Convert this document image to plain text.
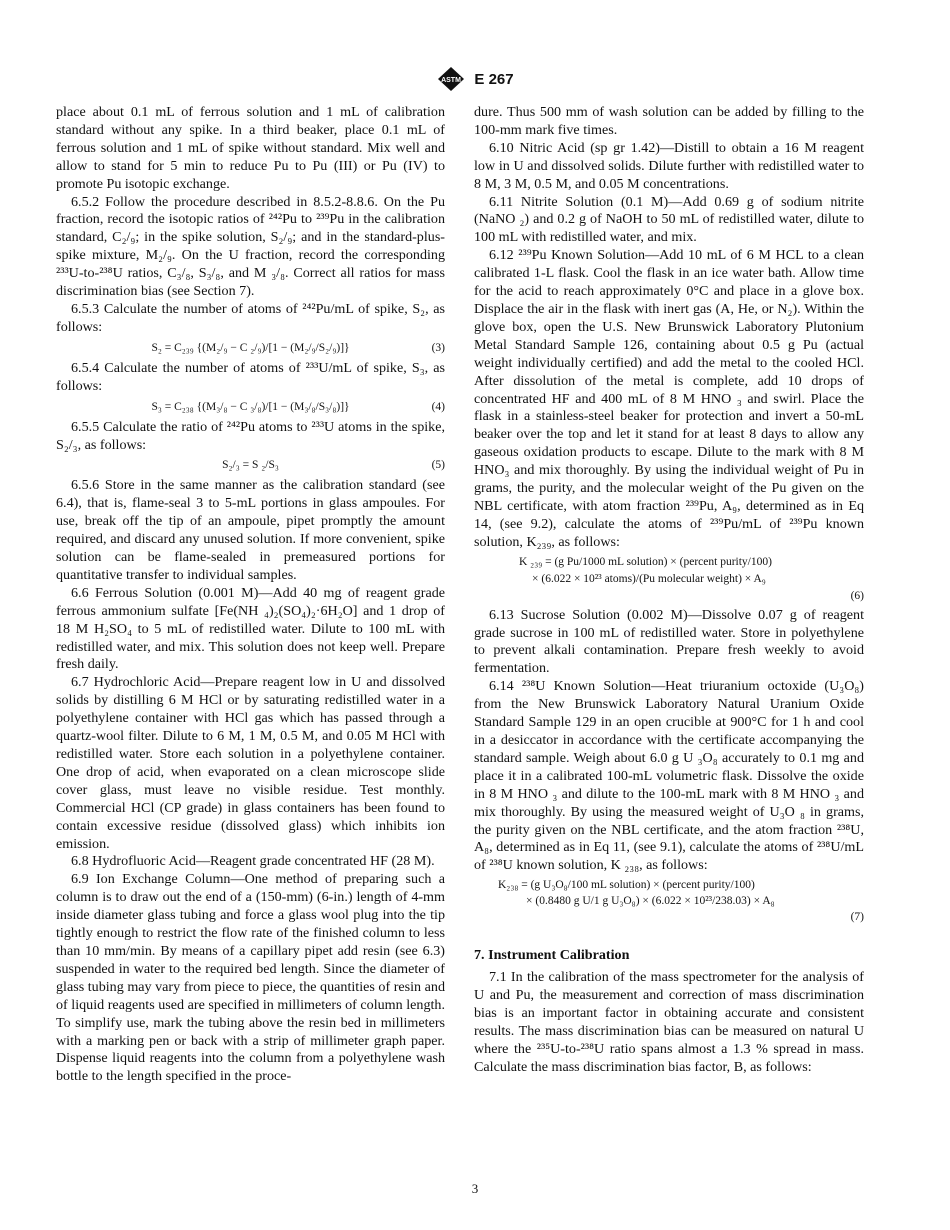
ASTM E 267

place about 0.1 mL of ferrous solution and 1 mL of calibration standard without any spike. In a third beaker, place 0.1 mL of ferrous solution and 1 mL of spike without standard. Mix well and allow to stand for 5 min to reduce Pu to Pu (III) or Pu (IV) to promote Pu isotopic exchange.

6.5.2 Follow the procedure described in 8.5.2-8.8.6. On the Pu fraction, record the isotopic ratios of ²⁴²Pu to ²³⁹Pu in the calibration standard, C₂/₉; in the spike solution, S₂/₉; and in the standard-plus-spike mixture, M₂/₉. On the U fraction, record the corresponding ²³³U-to-²³⁸U ratios, C₃/₈, S₃/₈, and M ₃/₈. Correct all ratios for mass discrimination bias (see Section 7).

6.5.3 Calculate the number of atoms of ²⁴²Pu/mL of spike, S₂, as follows:

S₂ = C₂₃₉ {(M₂/₉ − C ₂/₉)/[1 − (M₂/₉/S₂/₉)]}	(3)

6.5.4 Calculate the number of atoms of ²³³U/mL of spike, S₃, as follows:

S₃ = C₂₃₈ {(M₃/₈ − C ₃/₈)/[1 − (M₃/₈/S₃/₈)]}	(4)

6.5.5 Calculate the ratio of ²⁴²Pu atoms to ²³³U atoms in the spike, S₂/₃, as follows:

S₂/₃ = S ₂/S₃	(5)

6.5.6 Store in the same manner as the calibration standard (see 6.4), that is, flame-seal 3 to 5-mL portions in glass ampoules. For use, break off the tip of an ampoule, pipet promptly the amount required, and discard any unused solution. If more convenient, spike solution can be flame-sealed in premeasured portions for quantitative transfer to individual samples.

6.6 Ferrous Solution (0.001 M)—Add 40 mg of reagent grade ferrous ammonium sulfate [Fe(NH ₄)₂(SO₄)₂·6H₂O] and 1 drop of 18 M H₂SO₄ to 5 mL of redistilled water. Dilute to 100 mL with redistilled water, and mix. This solution does not keep well. Prepare fresh daily.

6.7 Hydrochloric Acid—Prepare reagent low in U and dissolved solids by distilling 6 M HCl or by saturating redistilled water in a polyethylene container with HCl gas which has passed through a quartz-wool filter. Dilute to 6 M, 1 M, 0.5 M, and 0.05 M HCl with redistilled water. Store each solution in a polyethylene container. One drop of acid, when evaporated on a clean microscope slide cover glass, must leave no visible residue. Test monthly. Commercial HCl (CP grade) in glass containers has been found to contain excessive residue (dissolved glass) which inhibits ion emission.

6.8 Hydrofluoric Acid—Reagent grade concentrated HF (28 M).

6.9 Ion Exchange Column—One method of preparing such a column is to draw out the end of a (150-mm) (6-in.) length of 4-mm inside diameter glass tubing and force a glass wool plug into the tip tightly enough to restrict the flow rate of the finished column to less than 10 mm/min. By means of a capillary pipet add resin (see 6.3) suspended in water to the required bed length. Since the diameter of glass tubing may vary from piece to piece, the quantities of resin and of liquid reagents used are specified in millimeters of column length. To simplify use, mark the tubing above the resin bed in millimeters with a marking pen or back with a strip of millimeter graph paper. Dispense liquid reagents into the column from a polyethylene wash bottle to the length specified in the proce-

dure. Thus 500 mm of wash solution can be added by filling to the 100-mm mark five times.

6.10 Nitric Acid (sp gr 1.42)—Distill to obtain a 16 M reagent low in U and dissolved solids. Dilute further with redistilled water to 8 M, 3 M, 0.5 M, and 0.05 M concentrations.

6.11 Nitrite Solution (0.1 M)—Add 0.69 g of sodium nitrite (NaNO ₂) and 0.2 g of NaOH to 50 mL of redistilled water, dilute to 100 mL with redistilled water, and mix.

6.12 ²³⁹Pu Known Solution—Add 10 mL of 6 M HCL to a clean calibrated 1-L flask. Cool the flask in an ice water bath. Allow time for the acid to reach approximately 0°C and place in a glove box. Displace the air in the flask with inert gas (A, He, or N₂). Within the glove box, open the U.S. New Brunswick Laboratory Plutonium Metal Standard Sample 126, containing about 0.5 g Pu (actual weight individually certified) and add the metal to the cooled HCl. After dissolution of the metal is complete, add 10 drops of concentrated HF and 400 mL of 8 M HNO ₃ and swirl. Place the flask in a stainless-steel beaker for protection and invert a 50-mL beaker over the top and let it stand for at least 8 days to allow any gaseous oxidation products to escape. Dilute to the mark with 8 M HNO₃ and mix thoroughly. By using the individual weight of Pu in grams, the purity, and the molecular weight of the Pu given on the NBL certificate, with atom fraction ²³⁹Pu, A₉, determined as in Eq 14, (see 9.2), calculate the atoms of ²³⁹Pu/mL of ²³⁹Pu known solution, K₂₃₉, as follows:

K ₂₃₉ = (g Pu/1000 mL solution) × (percent purity/100)
× (6.022 × 10²³ atoms)/(Pu molecular weight) × A₉
(6)

6.13 Sucrose Solution (0.002 M)—Dissolve 0.07 g of reagent grade sucrose in 100 mL of redistilled water. Store in polyethylene to prevent alkali contamination. Prepare fresh weekly to avoid fermentation.

6.14 ²³⁸U Known Solution—Heat triuranium octoxide (U₃O₈) from the New Brunswick Laboratory Natural Uranium Oxide Standard Sample 129 in an open crucible at 900°C for 1 h and cool in a desiccator in accordance with the certificate accompanying the standard sample. Weigh about 6.0 g U ₃O₈ accurately to 0.1 mg and place it in a calibrated 100-mL volumetric flask. Dissolve the oxide in 8 M HNO ₃ and dilute to the 100-mL mark with 8 M HNO ₃ and mix thoroughly. By using the measured weight of U₃O ₈ in grams, the purity given on the NBL certificate, and the atom fraction ²³⁸U, A₈, determined as in Eq 11, (see 9.1), calculate the atoms of ²³⁸U/mL of ²³⁸U known solution, K ₂₃₈, as follows:

K₂₃₈ = (g U₃O₈/100 mL solution) × (percent purity/100)
× (0.8480 g U/1 g U₃O₈) × (6.022 × 10²³/238.03) × A₈
(7)
7. Instrument Calibration

7.1 In the calibration of the mass spectrometer for the analysis of U and Pu, the measurement and correction of mass discrimination bias is an important factor in obtaining accurate and consistent results. The mass discrimination bias can be measured on natural U where the ²³⁵U-to-²³⁸U ratio spans almost a 1.3 % spread in mass. Calculate the mass discrimination bias factor, B, as follows:

3
